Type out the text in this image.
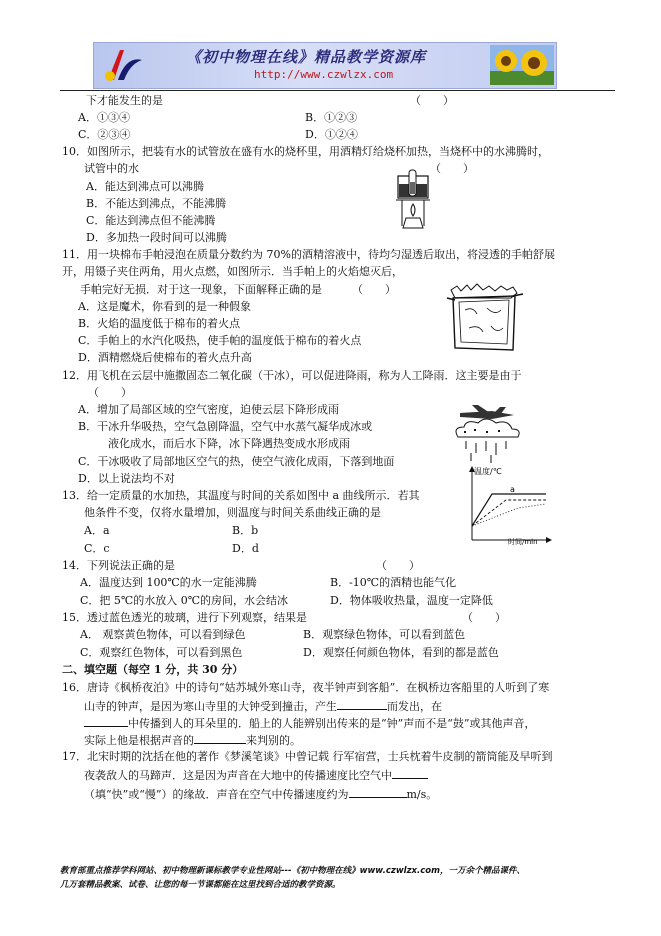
《初中物理在线》精品教学资源库
http://www.czwlzx.com
下才能发生的是	（　　）
A．①③④	B．①②③
C．②③④	D．①②④
10．如图所示，把装有水的试管放在盛有水的烧杯里，用酒精灯给烧杯加热，当烧杯中的水沸腾时，
试管中的水	（　　）
A．能达到沸点可以沸腾
B．不能达到沸点，不能沸腾
C．能达到沸点但不能沸腾
D．多加热一段时间可以沸腾
11．用一块棉布手帕浸泡在质量分数约为 70%的酒精溶液中，待均匀湿透后取出，将浸透的手帕舒展
开，用镊子夹住两角，用火点燃，如图所示．当手帕上的火焰熄灭后，
手帕完好无损．对于这一现象，下面解释正确的是	（　　）
A．这是魔术，你看到的是一种假象
B．火焰的温度低于棉布的着火点
C．手帕上的水汽化吸热，使手帕的温度低于棉布的着火点
D．酒精燃烧后使棉布的着火点升高
12．用飞机在云层中施撒固态二氧化碳（干冰），可以促进降雨，称为人工降雨．这主要是由于
（　　）
A．增加了局部区域的空气密度，迫使云层下降形成雨
B．干冰升华吸热，空气急剧降温，空气中水蒸气凝华成冰或
液化成水，而后水下降，冰下降遇热变成水形成雨
C．干冰吸收了局部地区空气的热，使空气液化成雨，下落到地面
D．以上说法均不对
13．给一定质量的水加热，其温度与时间的关系如图中 a 曲线所示．若其
他条件不变，仅将水量增加，则温度与时间关系曲线正确的是
A．a	B．b
C．c	D．d
14．下列说法正确的是	（　　）
A．温度达到 100℃的水一定能沸腾	B．-10℃的酒精也能气化
C．把 5℃的水放入 0℃的房间，水会结冰	D．物体吸收热量，温度一定降低
15．透过蓝色透光的玻璃，进行下列观察，结果是	（　　）
A． 观察黄色物体，可以看到绿色	B．观察绿色物体，可以看到蓝色
C．观察红色物体，可以看到黑色	D．观察任何颜色物体，看到的都是蓝色
二、填空题（每空 1 分，共 30 分）
16．唐诗《枫桥夜泊》中的诗句“姑苏城外寒山寺，夜半钟声到客船”．在枫桥边客船里的人听到了寒
山寺的钟声，是因为寒山寺里的大钟受到撞击，产生	而发出，在
中传播到人的耳朵里的．船上的人能辨别出传来的是“钟”声而不是“鼓”或其他声音，
实际上他是根据声音的	来判别的。
17．北宋时期的沈括在他的著作《梦溪笔谈》中曾记载 行军宿营，士兵枕着牛皮制的箭筒能及早听到
夜袭敌人的马蹄声．这是因为声音在大地中的传播速度比空气中
（填“快”或“慢”）的缘故．声音在空气中传播速度约为	m/s。
温度/℃
时间/min
a
教育部重点推荐学科网站、初中物理新课标教学专业性网站---《初中物理在线》www.czwlzx.com，一万余个精品课件、
几万套精品教案、试卷、让您的每一节课都能在这里找到合适的教学资源。
